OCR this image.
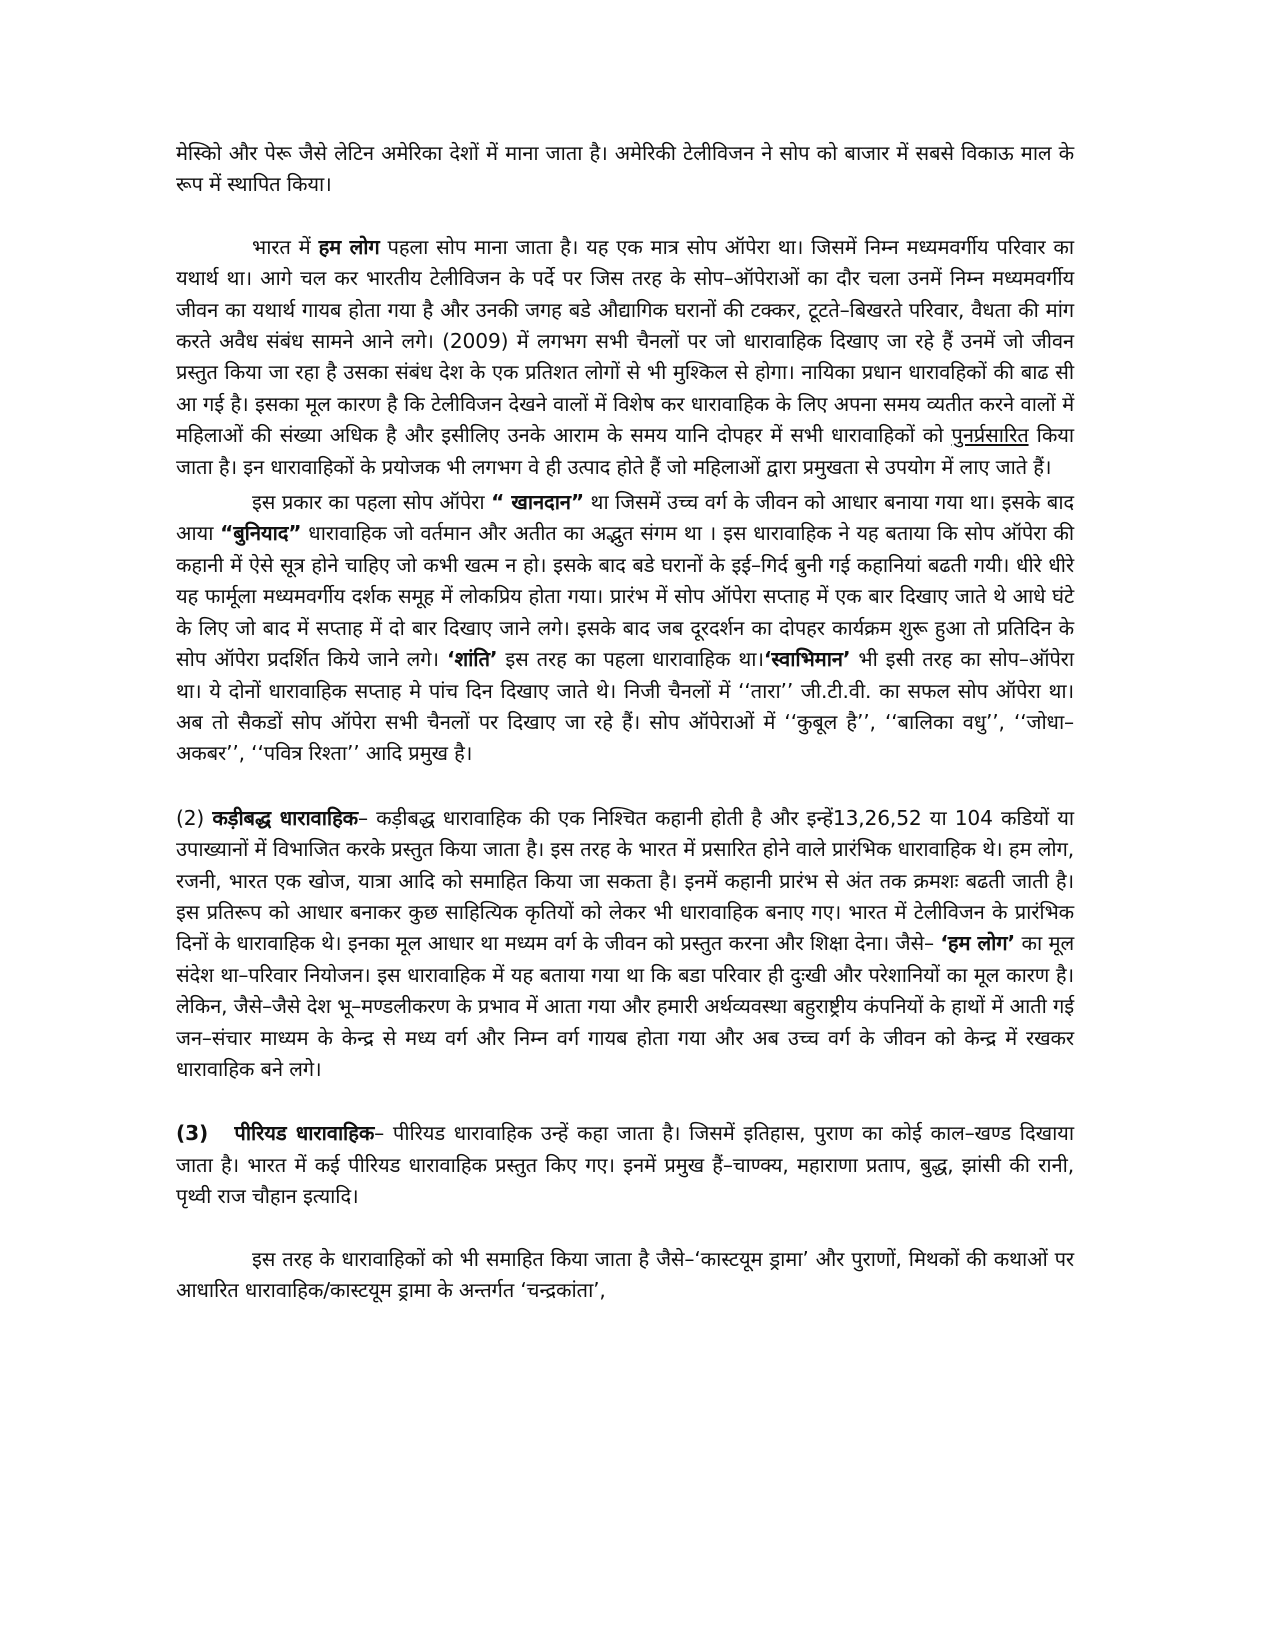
मेस्किो और पेरू जैसे लेटिन अमेरिका देशों में माना जाता है। अमेरिकी टेलीविजन ने सोप को बाजार में सबसे विकाऊ माल के रूप में स्थापित किया।

भारत में हम लोग पहला सोप माना जाता है। यह एक मात्र सोप ऑपेरा था। जिसमें निम्न मध्यमवर्गीय परिवार का यथार्थ था। आगे चल कर भारतीय टेलीविजन के पर्दे पर जिस तरह के सोप–ऑपेराओं का दौर चला उनमें निम्न मध्यमवर्गीय जीवन का यथार्थ गायब होता गया है और उनकी जगह बडे औद्यागिक घरानों की टक्कर, टूटते–बिखरते परिवार, वैधता की मांग करते अवैध संबंध सामने आने लगे। (2009) में लगभग सभी चैनलों पर जो धारावाहिक दिखाए जा रहे हैं उनमें जो जीवन प्रस्तुत किया जा रहा है उसका संबंध देश के एक प्रतिशत लोगों से भी मुश्किल से होगा। नायिका प्रधान धारावहिकों की बाढ सी आ गई है। इसका मूल कारण है कि टेलीविजन देखने वालों में विशेष कर धारावाहिक के लिए अपना समय व्यतीत करने वालों में महिलाओं की संख्या अधिक है और इसीलिए उनके आराम के समय यानि दोपहर में सभी धारावाहिकों को पुनर्प्रसारित किया जाता है। इन धारावाहिकों के प्रयोजक भी लगभग वे ही उत्पाद होते हैं जो महिलाओं द्वारा प्रमुखता से उपयोग में लाए जाते हैं।

इस प्रकार का पहला सोप ऑपेरा “ खानदान” था जिसमें उच्च वर्ग के जीवन को आधार बनाया गया था। इसके बाद आया “बुनियाद” धारावाहिक जो वर्तमान और अतीत का अद्भुत संगम था । इस धारावाहिक ने यह बताया कि सोप ऑपेरा की कहानी में ऐसे सूत्र होने चाहिए जो कभी खत्म न हो। इसके बाद बडे घरानों के इई–गिर्द बुनी गई कहानियां बढती गयी। धीरे धीरे यह फार्मूला मध्यमवर्गीय दर्शक समूह में लोकप्रिय होता गया। प्रारंभ में सोप ऑपेरा सप्ताह में एक बार दिखाए जाते थे आधे घंटे के लिए जो बाद में सप्ताह में दो बार दिखाए जाने लगे। इसके बाद जब दूरदर्शन का दोपहर कार्यक्रम शुरू हुआ तो प्रतिदिन के सोप ऑपेरा प्रदर्शित किये जाने लगे। ‘शांति’ इस तरह का पहला धारावाहिक था।‘स्वाभिमान’ भी इसी तरह का सोप–ऑपेरा था। ये दोनों धारावाहिक सप्ताह मे पांच दिन दिखाए जाते थे। निजी चैनलों में ‘‘तारा’’ जी.टी.वी. का सफल सोप ऑपेरा था। अब तो सैकडों सोप ऑपेरा सभी चैनलों पर दिखाए जा रहे हैं। सोप ऑपेराओं में ‘‘कुबूल है’’, ‘‘बालिका वधु’’, ‘‘जोधा–अकबर’’, ‘‘पवित्र रिश्ता’’ आदि प्रमुख है।

(2) कड़ीबद्ध धारावाहिक– कड़ीबद्ध धारावाहिक की एक निश्चित कहानी होती है और इन्हें13,26,52 या 104 कडियों या उपाख्यानों में विभाजित करके प्रस्तुत किया जाता है। इस तरह के भारत में प्रसारित होने वाले प्रारंभिक धारावाहिक थे। हम लोग, रजनी, भारत एक खोज, यात्रा आदि को समाहित किया जा सकता है। इनमें कहानी प्रारंभ से अंत तक क्रमशः बढती जाती है। इस प्रतिरूप को आधार बनाकर कुछ साहित्यिक कृतियों को लेकर भी धारावाहिक बनाए गए। भारत में टेलीविजन के प्रारंभिक दिनों के धारावाहिक थे। इनका मूल आधार था मध्यम वर्ग के जीवन को प्रस्तुत करना और शिक्षा देना। जैसे– ‘हम लोग’ का मूल संदेश था–परिवार नियोजन। इस धारावाहिक में यह बताया गया था कि बडा परिवार ही दुःखी और परेशानियों का मूल कारण है। लेकिन, जैसे–जैसे देश भू–मण्डलीकरण के प्रभाव में आता गया और हमारी अर्थव्यवस्था बहुराष्ट्रीय कंपनियों के हाथों में आती गई जन–संचार माध्यम के केन्द्र से मध्य वर्ग और निम्न वर्ग गायब होता गया और अब उच्च वर्ग के जीवन को केन्द्र में रखकर धारावाहिक बने लगे।

(3) पीरियड धारावाहिक– पीरियड धारावाहिक उन्हें कहा जाता है। जिसमें इतिहास, पुराण का कोई काल–खण्ड दिखाया जाता है। भारत में कई पीरियड धारावाहिक प्रस्तुत किए गए। इनमें प्रमुख हैं–चाण्क्य, महाराणा प्रताप, बुद्ध, झांसी की रानी, पृथ्वी राज चौहान इत्यादि।

इस तरह के धारावाहिकों को भी समाहित किया जाता है जैसे–‘कास्टयूम ड्रामा’ और पुराणों, मिथकों की कथाओं पर आधारित धारावाहिक/कास्टयूम ड्रामा के अन्तर्गत ‘चन्द्रकांता’,
